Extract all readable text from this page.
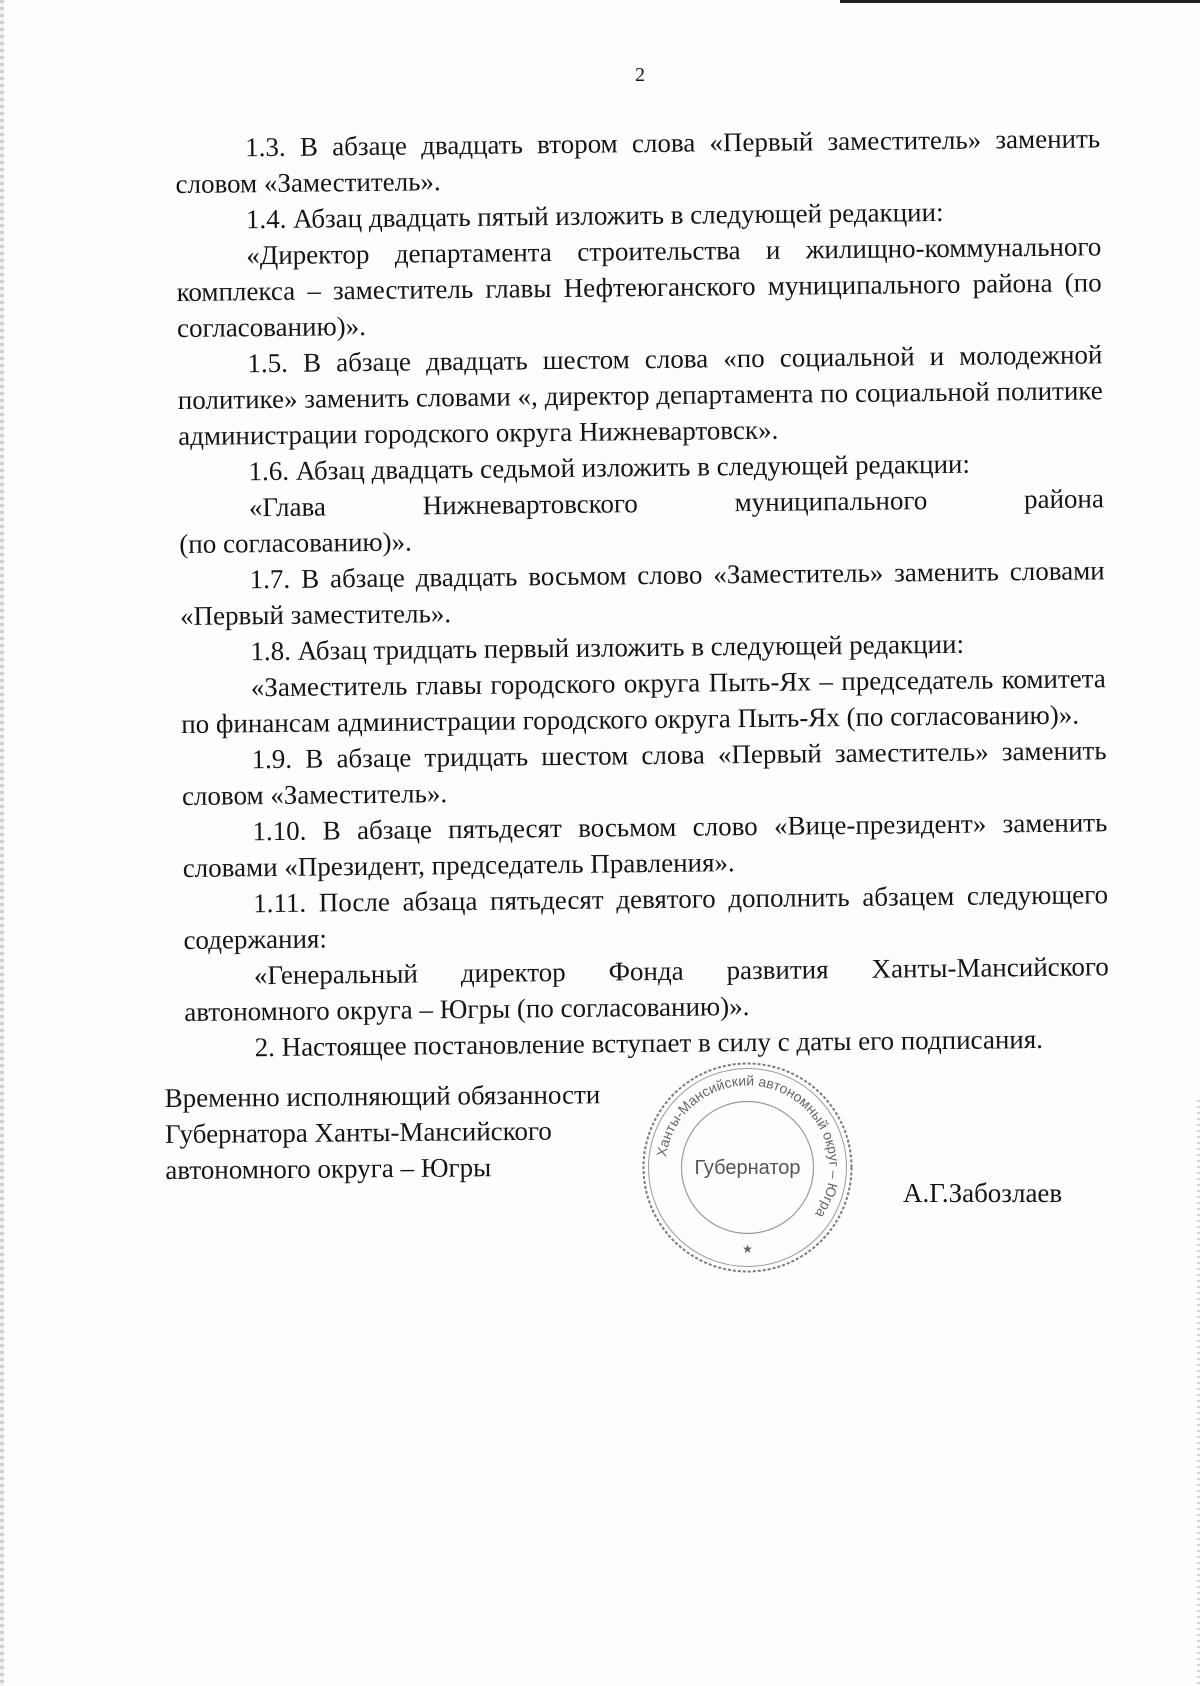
2

1.3. В абзаце двадцать втором слова «Первый заместитель» заменить словом «Заместитель».

1.4. Абзац двадцать пятый изложить в следующей редакции:

«Директор департамента строительства и жилищно-коммунального комплекса – заместитель главы Нефтеюганского муниципального района (по согласованию)».

1.5. В абзаце двадцать шестом слова «по социальной и молодежной политике» заменить словами «, директор департамента по социальной политике администрации городского округа Нижневартовск».

1.6. Абзац двадцать седьмой изложить в следующей редакции:

«Глава Нижневартовского муниципального района

(по согласованию)».

1.7. В абзаце двадцать восьмом слово «Заместитель» заменить словами «Первый заместитель».

1.8. Абзац тридцать первый изложить в следующей редакции:

«Заместитель главы городского округа Пыть-Ях – председатель комитета по финансам администрации городского округа Пыть-Ях (по согласованию)».

1.9. В абзаце тридцать шестом слова «Первый заместитель» заменить словом «Заместитель».

1.10. В абзаце пятьдесят восьмом слово «Вице-президент» заменить словами «Президент, председатель Правления».

1.11. После абзаца пятьдесят девятого дополнить абзацем следующего содержания:

«Генеральный директор Фонда развития Ханты-Мансийского автономного округа – Югры (по согласованию)».

2. Настоящее постановление вступает в силу с даты его подписания.

Временно исполняющий обязанности
Губернатора Ханты-Мансийского
автономного округа – Югры
Ханты-Мансийский автономный округ – Югра
Губернатор
★
А.Г.Забозлаев
